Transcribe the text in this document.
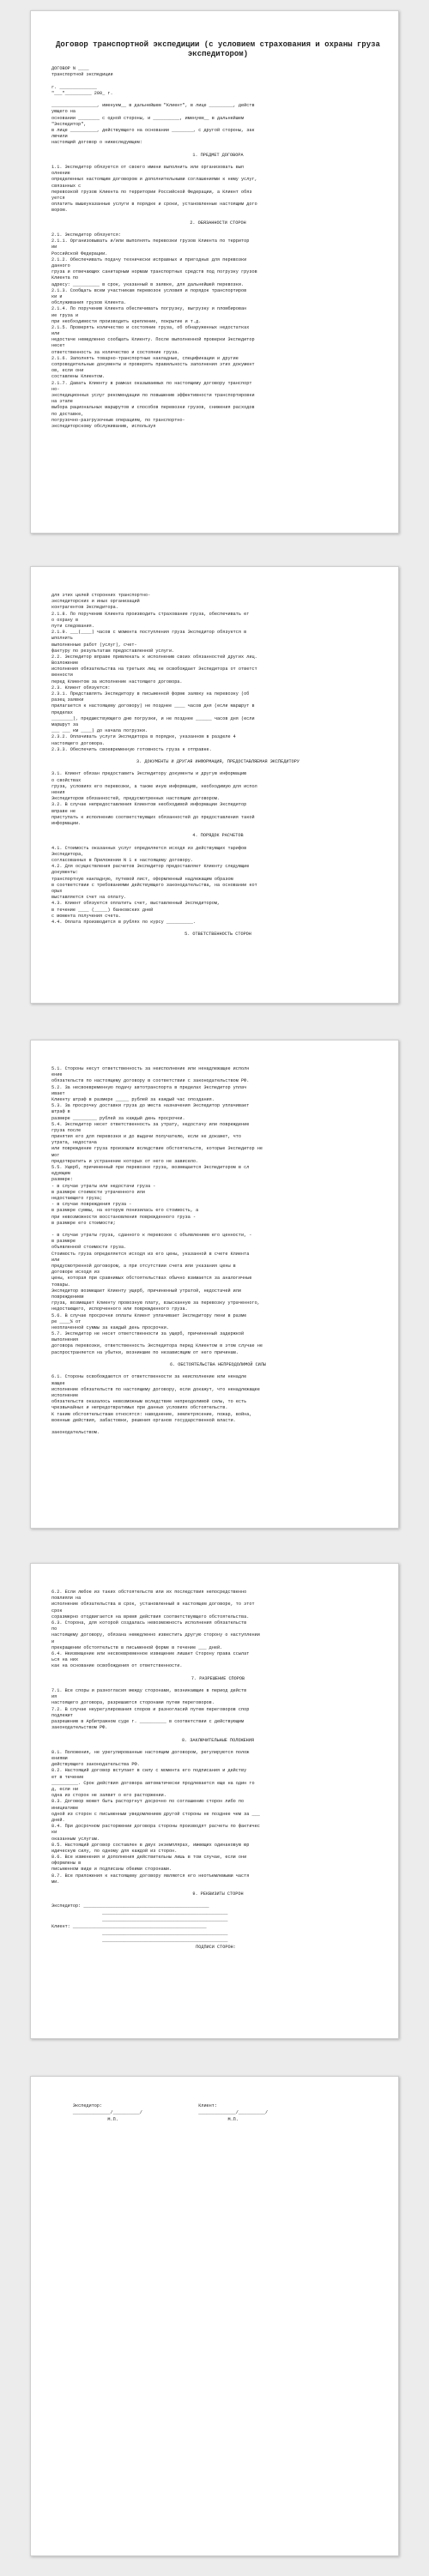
Договор транспортной экспедиции (с условием страхования и охраны груза экспедитором)
ДОГОВОР N ____
транспортной экспедиции
г. ______________
"___"__________ 200_ г.
_________________, именуем__ в дальнейшем "Клиент", в лице _________, действ
ующего на
основании ________ с одной стороны, и __________, именуем__ в дальнейшем
"Экспедитор",
в лице __________, действующего на основании ________, с другой стороны, зак
лючили
настоящий договор о нижеследующем:
1. ПРЕДМЕТ ДОГОВОРА
1.1. Экспедитор обязуется от своего имени выполнить или организовать вып
олнение
определенных настоящим договором и дополнительными соглашениями к нему услуг,
связанных с
перевозкой грузов Клиента по территории Российской Федерации, а Клиент обяз
уется
оплатить вышеуказанные услуги в порядке и сроки, установленные настоящим дого
вором.
2. ОБЯЗАННОСТИ СТОРОН
2.1. Экспедитор обязуется:
2.1.1. Организовывать и/или выполнять перевозки грузов Клиента по территор
ии
Российской Федерации.
2.1.2. Обеспечивать подачу технически исправных и пригодных для перевозки
данного
груза и отвечающих санитарным нормам транспортных средств под погрузку грузов
Клиента по
адресу: __________ в срок, указанный в заявке, для дальнейшей перевозки.
2.1.3. Сообщать всем участникам перевозок условия и порядок транспортиров
ки и
обслуживания грузов Клиента.
2.1.4. По поручению Клиента обеспечивать погрузку, выгрузку и пломбирован
ие груза и
при необходимости производить крепление, покрытие и т.д.
2.1.5. Проверять количество и состояние груза, об обнаруженных недостатках
или
недостаче немедленно сообщать Клиенту. После выполненной проверки Экспедитор
несет
ответственность за количество и состояние груза.
2.1.6. Заполнять товарно-транспортные накладные, спецификации и другие
сопроводительные документы и проверять правильность заполнения этих документ
ов, если они
составлены Клиентом.
2.1.7. Давать Клиенту в рамках оказываемых по настоящему договору транспорт
но-
экспедиционных услуг рекомендации по повышению эффективности транспортировки
на этапе
выбора рациональных маршрутов и способов перевозки грузов, снижения расходов
по доставке,
погрузочно-разгрузочным операциям, по транспортно-
экспедиторскому обслуживанию, используя
для этих целей сторонних транспортно-
экспедиторских и иных организаций
контрагентов Экспедитора.
2.1.8. По поручению Клиента производить страхование груза, обеспечивать ег
о охрану в
пути следования.
2.1.9. ___(____) часов с момента поступления груза Экспедитор обязуется в
ыполнить
выполненные работ (услуг), счет-
фактуру по результатам предоставленной услуги.
2.2. Экспедитор вправе привлекать к исполнению своих обязанностей других лиц.
Возложение
исполнения обязательства на третьих лиц не освобождает Экспедитора от ответст
венности
перед Клиентом за исполнение настоящего договора.
2.3. Клиент обязуется:
2.3.1. Представлять Экспедитору в письменной форме заявку на перевозку (об
разец заявки
прилагается к настоящему договору) не позднее ____ часов дня (если маршрут в
пределах
________), предшествующего дню погрузки, и не позднее ______ часов дня (если
маршрут за
___ ___ км ____) до начала погрузки.
2.3.2. Оплачивать услуги Экспедитора в порядке, указанном в разделе 4
настоящего договора.
2.3.3. Обеспечить своевременную готовность груза к отправке.
3. ДОКУМЕНТЫ И ДРУГАЯ ИНФОРМАЦИЯ, ПРЕДОСТАВЛЯЕМАЯ ЭКСПЕДИТОРУ
3.1. Клиент обязан предоставить Экспедитору документы и другую информацию
о свойствах
груза, условиях его перевозки, а также иную информацию, необходимую для испол
нения
Экспедитором обязанностей, предусмотренных настоящим договором.
3.2. В случае непредоставления Клиентом необходимой информации Экспедитор
вправе не
приступать к исполнению соответствующих обязанностей до предоставления такой
информации.
4. ПОРЯДОК РАСЧЕТОВ
4.1. Стоимость оказанных услуг определяется исходя из действующих тарифов
Экспедитора,
согласованных в Приложении N 1 к настоящему договору.
4.2. Для осуществления расчетов Экспедитор предоставляет Клиенту следующие
документы:
транспортную накладную, путевой лист, оформленный надлежащим образом
в соответствии с требованиями действующего законодательства, на основании кот
орых
выставляется счет на оплату.
4.3. Клиент обязуется оплатить счет, выставленный Экспедитором,
в течение ____ (_____) банковских дней
с момента получения счета.
4.4. Оплата производится в рублях по курсу __________.
5. ОТВЕТСТВЕННОСТЬ СТОРОН
5.1. Стороны несут ответственность за неисполнение или ненадлежащее исполн
ение
обязательств по настоящему договору в соответствии с законодательством РФ.
5.2. За несвоевременную подачу автотранспорта в пределах Экспедитор уплач
ивает
Клиенту штраф в размере _____ рублей за каждый час опоздания.
5.3. За просрочку доставки груза до места назначения Экспедитор уплачивает
штраф в
размере _________ рублей за каждый день просрочки.
5.4. Экспедитор несет ответственность за утрату, недостачу или повреждение
груза после
принятия его для перевозки и до выдачи получателю, если не докажет, что
утрата, недостача
или повреждение груза произошли вследствие обстоятельств, которые Экспедитор не
мог
предотвратить и устранение которых от него не зависело.
5.5. Ущерб, причиненный при перевозке груза, возмещается Экспедитором в сл
едующем
размере:
- в случае утраты или недостачи груза -
в размере стоимости утраченного или
недостающего груза;
- в случае повреждения груза -
в размере суммы, на которую понизилась его стоимость, а
при невозможности восстановления поврежденного груза -
в размере его стоимости;
- в случае утраты груза, сданного к перевозке с объявлением его ценности, -
в размере
объявленной стоимости груза.
Стоимость груза определяется исходя из его цены, указанной в счете Клиента
или
предусмотренной договором, а при отсутствии счета или указания цены в
договоре исходя из
цены, которая при сравнимых обстоятельствах обычно взимается за аналогичные
товары.
Экспедитор возмещает Клиенту ущерб, причиненный утратой, недостачей или
повреждением
груза, возмещает Клиенту провозную плату, взысканную за перевозку утраченного,
недостающего, испорченного или поврежденного груза.
5.6. В случае просрочки оплаты Клиент уплачивает Экспедитору пени в разме
ре ____% от
неоплаченной суммы за каждый день просрочки.
5.7. Экспедитор не несет ответственности за ущерб, причиненный задержкой
выполнения
договора перевозки, ответственность Экспедитора перед Клиентом в этом случае не
распространяется на убытки, возникшие по независящим от него причинам.
6. ОБСТОЯТЕЛЬСТВА НЕПРЕОДОЛИМОЙ СИЛЫ
6.1. Стороны освобождаются от ответственности за неисполнение или ненадле
жащее
исполнение обязательств по настоящему договору, если докажут, что ненадлежащее
исполнение
обязательств оказалось невозможным вследствие непреодолимой силы, то есть
чрезвычайных и непредотвратимых при данных условиях обстоятельств.
К таким обстоятельствам относятся: наводнение, землетрясение, пожар, война,
военные действия, забастовки, решения органов государственной власти.
законодательством.
6.2. Если любое из таких обстоятельств или их последствия непосредственно
повлияли на
исполнение обязательства в срок, установленный в настоящем договоре, то этот
срок
соразмерно отодвигается на время действия соответствующего обстоятельства.
6.3. Сторона, для которой создалась невозможность исполнения обязательств
по
настоящему договору, обязана немедленно известить другую сторону о наступлении
и
прекращении обстоятельств в письменной форме в течение ___ дней.
6.4. Неизвещение или несвоевременное извещение лишает Сторону права ссылат
ься на них
как на основание освобождения от ответственности.
7. РАЗРЕШЕНИЕ СПОРОВ
7.1. Все споры и разногласия между сторонами, возникающие в период действ
ия
настоящего договора, разрешаются сторонами путем переговоров.
7.2. В случае неурегулирования споров и разногласий путем переговоров спор
подлежит
разрешению в Арбитражном суде г. __________ в соответствии с действующим
законодательством РФ.
8. ЗАКЛЮЧИТЕЛЬНЫЕ ПОЛОЖЕНИЯ
8.1. Положения, не урегулированные настоящим договором, регулируются полож
ениями
действующего законодательства РФ.
8.2. Настоящий договор вступает в силу с момента его подписания и действу
ет в течение
__________. Срок действия договора автоматически продлевается еще на один го
д, если ни
одна из сторон не заявит о его расторжении.
8.3. Договор может быть расторгнут досрочно по соглашению сторон либо по
инициативе
одной из сторон с письменным уведомлением другой стороны не позднее чем за ___
дней.
8.4. При досрочном расторжении договора стороны производят расчеты по фактичес
ки
оказанным услугам.
8.5. Настоящий договор составлен в двух экземплярах, имеющих одинаковую юр
идическую силу, по одному для каждой из сторон.
8.6. Все изменения и дополнения действительны лишь в том случае, если они
оформлены в
письменном виде и подписаны обеими сторонами.
8.7. Все приложения к настоящему договору являются его неотъемлемыми частя
ми.
9. РЕКВИЗИТЫ СТОРОН
Экспедитор: _______________________________________________
_______________________________________________
_______________________________________________
Клиент: __________________________________________________
_______________________________________________
_______________________________________________
ПОДПИСИ СТОРОН:
Экспедитор:                                    Клиент:
______________/__________/                     ______________/__________/
М.П.                                         М.П.
